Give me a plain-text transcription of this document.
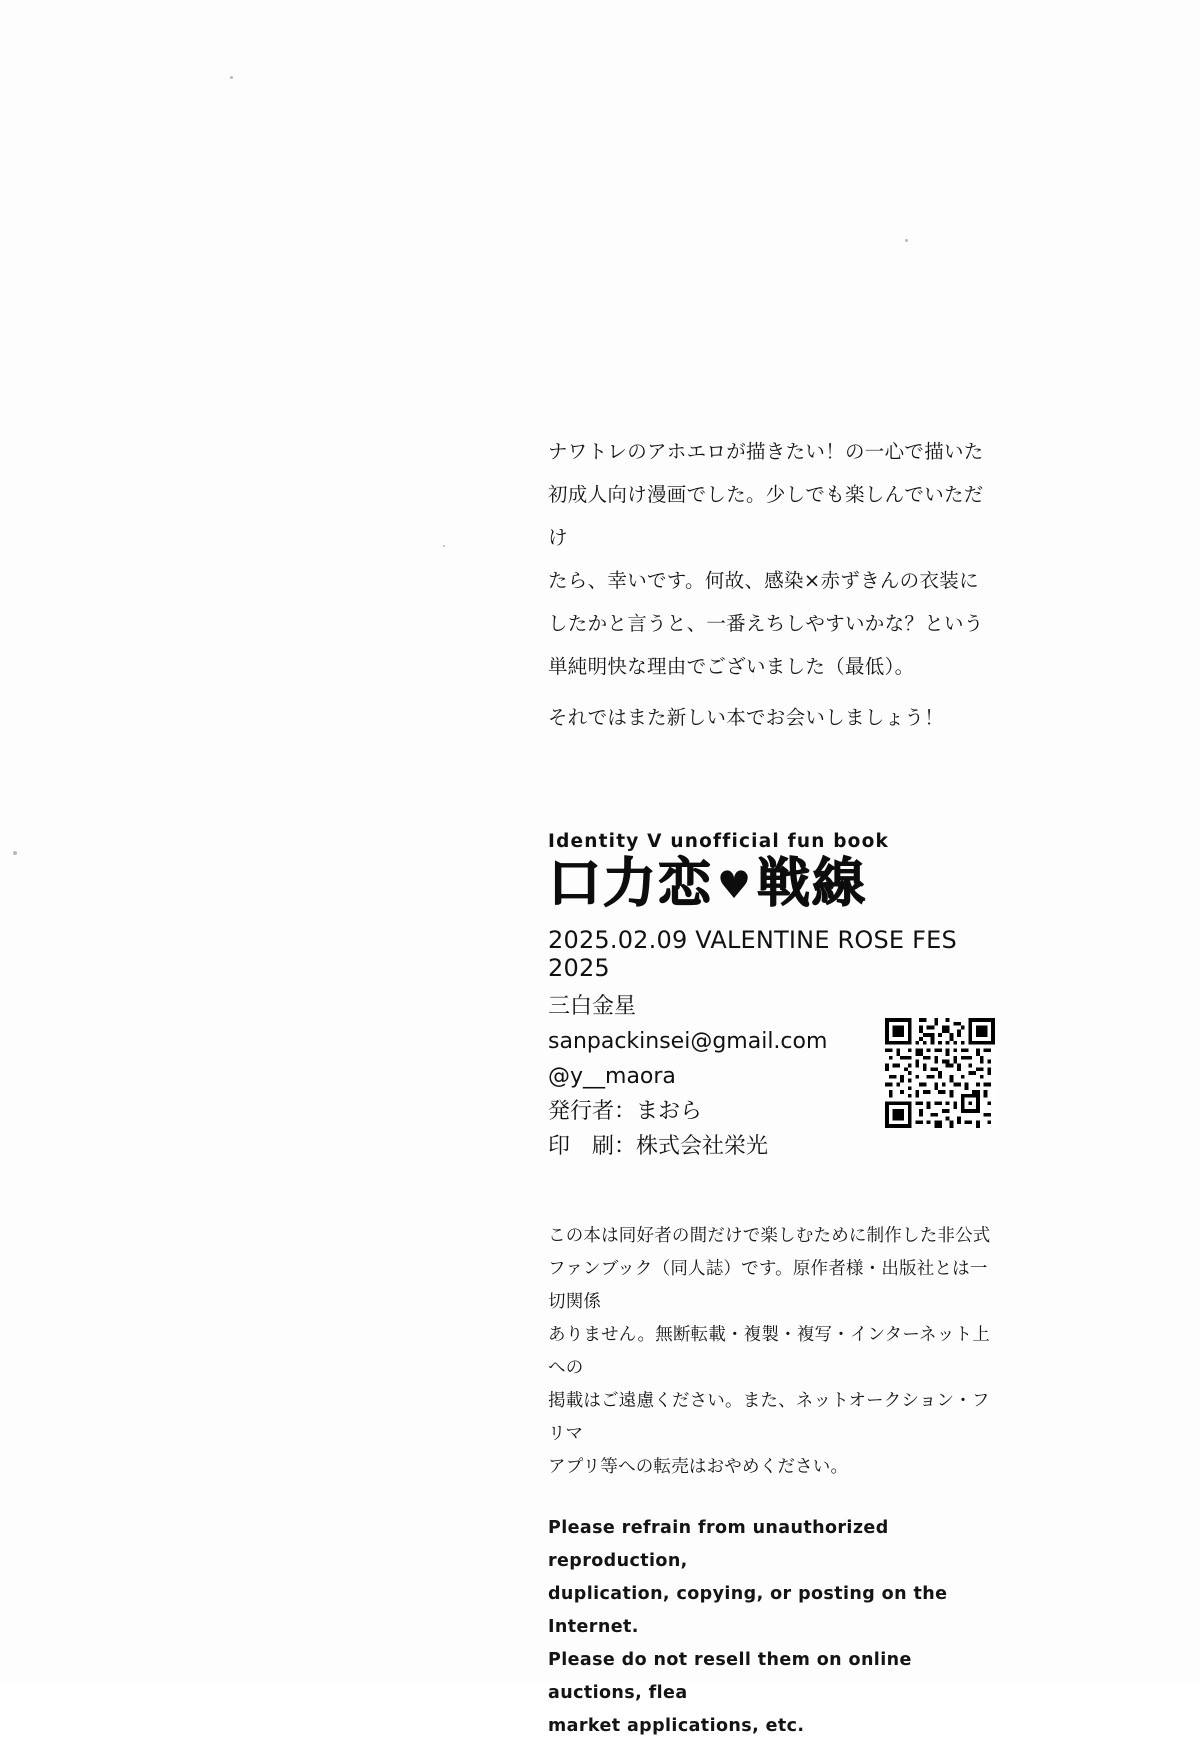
ナワトレのアホエロが描きたい！の一心で描いた

初成人向け漫画でした。少しでも楽しんでいただけ

たら、幸いです。何故、感染×赤ずきんの衣装に

したかと言うと、一番えちしやすいかな？という

単純明快な理由でございました（最低）。

それではまた新しい本でお会いしましょう！

Identity V unofficial fun book
口力恋 ♥ 戦線
2025.02.09 VALENTINE ROSE FES 2025
三白金星
sanpackinsei@gmail.com
@y__maora
発行者：まおら
印　刷：株式会社栄光
この本は同好者の間だけで楽しむために制作した非公式
ファンブック（同人誌）です。原作者様・出版社とは一切関係
ありません。無断転載・複製・複写・インターネット上への
掲載はご遠慮ください。また、ネットオークション・フリマ
アプリ等への転売はおやめください。
Please refrain from unauthorized reproduction,
duplication, copying, or posting on the Internet.
Please do not resell them on online auctions, flea
market applications, etc.
